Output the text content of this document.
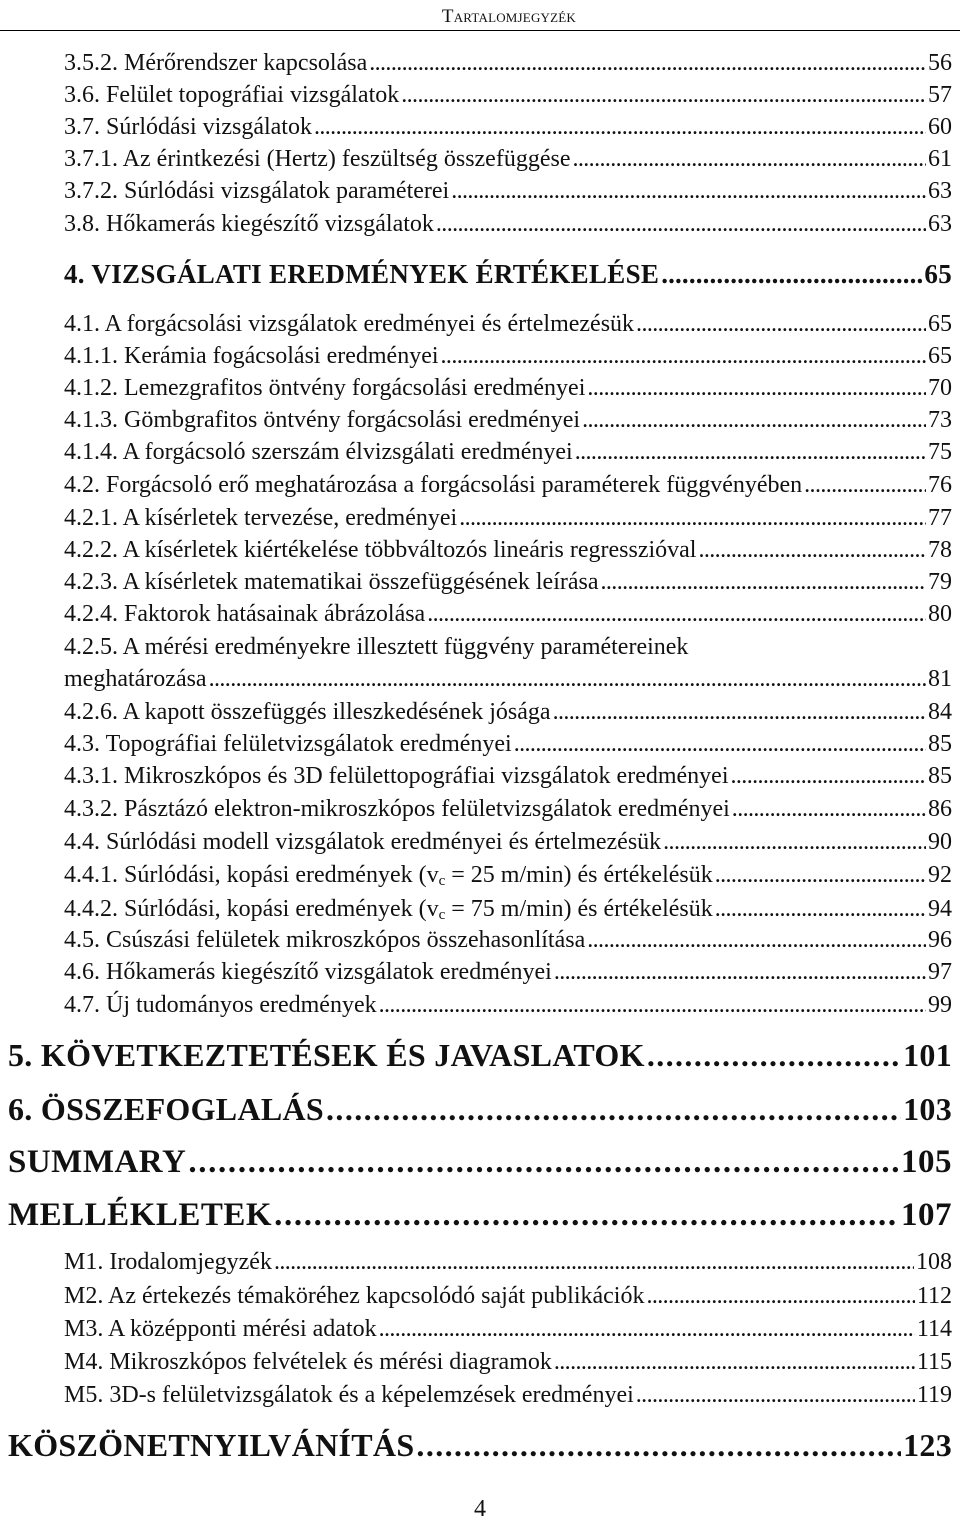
Tartalomjegyzék
3.5.2. Mérőrendszer kapcsolása . . .	56
3.6. Felület topográfiai vizsgálatok . . .	57
3.7. Súrlódási vizsgálatok . . .	60
3.7.1. Az érintkezési (Hertz) feszültség összefüggése . . .	61
3.7.2. Súrlódási vizsgálatok paraméterei . . .	63
3.8. Hőkamerás kiegészítő vizsgálatok . . .	63
4. VIZSGÁLATI EREDMÉNYEK ÉRTÉKELÉSE . . .	65
4.1. A forgácsolási vizsgálatok eredményei és értelmezésük . . .	65
4.1.1. Kerámia fogácsolási eredményei . . .	65
4.1.2. Lemezgrafitos öntvény forgácsolási eredményei . . .	70
4.1.3. Gömbgrafitos öntvény forgácsolási eredményei . . .	73
4.1.4. A forgácsoló szerszám élvizsgálati eredményei . . .	75
4.2. Forgácsoló erő meghatározása a forgácsolási paraméterek függvényében . . .	76
4.2.1. A kísérletek tervezése, eredményei . . .	77
4.2.2. A kísérletek kiértékelése többváltozós lineáris regresszióval . . .	78
4.2.3. A kísérletek matematikai összefüggésének leírása . . .	79
4.2.4. Faktorok hatásainak ábrázolása . . .	80
4.2.5. A mérési eredményekre illesztett függvény paramétereinek
meghatározása . . .	81
4.2.6. A kapott összefüggés illeszkedésének jósága . . .	84
4.3. Topográfiai felületvizsgálatok eredményei . . .	85
4.3.1. Mikroszkópos és 3D felülettopográfiai vizsgálatok eredményei . . .	85
4.3.2. Pásztázó elektron-mikroszkópos felületvizsgálatok eredményei . . .	86
4.4. Súrlódási modell vizsgálatok eredményei és értelmezésük . . .	90
4.4.1. Súrlódási, kopási eredmények ($v_c = 25$ m/min) és értékelésük . . .	92
4.4.2. Súrlódási, kopási eredmények ($v_c = 75$ m/min) és értékelésük . . .	94
4.5. Csúszási felületek mikroszkópos összehasonlítása . . .	96
4.6. Hőkamerás kiegészítő vizsgálatok eredményei . . .	97
4.7. Új tudományos eredmények . . .	99
5. KÖVETKEZTETÉSEK ÉS JAVASLATOK . . .	101
6. ÖSSZEFOGLALÁS . . .	103
SUMMARY . . .	105
MELLÉKLETEK . . .	107
M1. Irodalomjegyzék . . .	108
M2. Az értekezés témaköréhez kapcsolódó saját publikációk . . .	112
M3. A középponti mérési adatok . . .	114
M4. Mikroszkópos felvételek és mérési diagramok . . .	115
M5. 3D-s felületvizsgálatok és a képelemzések eredményei . . .	119
KÖSZÖNETNYILVÁNÍTÁS . . .	123
4
